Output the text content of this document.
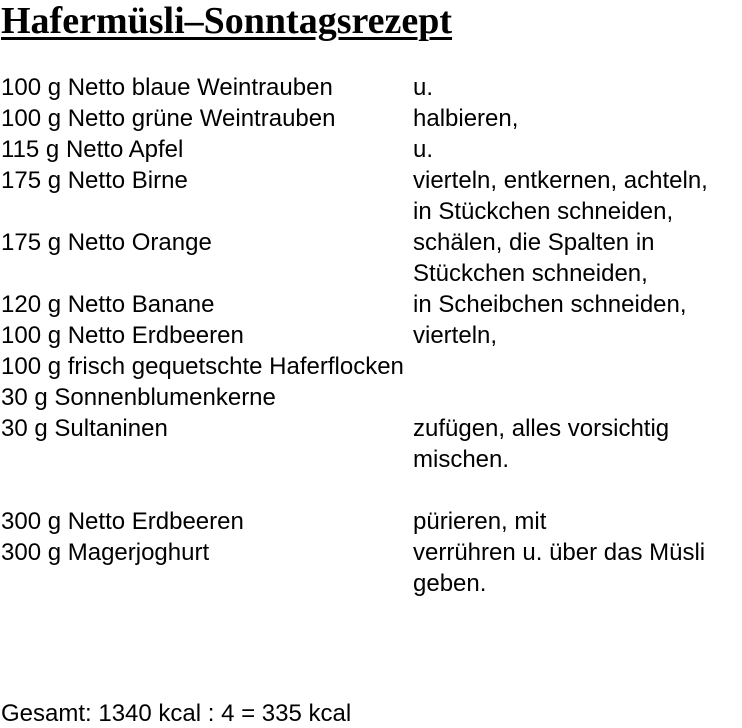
Hafermüsli–Sonntagsrezept
100 g Netto blaue Weintrauben	u.
100 g Netto grüne Weintrauben	halbieren,
115 g Netto Apfel	u.
175 g Netto Birne	vierteln, entkernen, achteln,
in Stückchen schneiden,
175 g Netto Orange	schälen, die Spalten in
Stückchen schneiden,
120 g Netto Banane	in Scheibchen schneiden,
100 g Netto Erdbeeren	vierteln,
100 g frisch gequetschte Haferflocken
30 g Sonnenblumenkerne
30 g Sultaninen	zufügen, alles vorsichtig
mischen.
300 g Netto Erdbeeren	pürieren, mit
300 g Magerjoghurt	verrühren u. über das Müsli
geben.
Gesamt: 1340 kcal : 4 = 335 kcal
